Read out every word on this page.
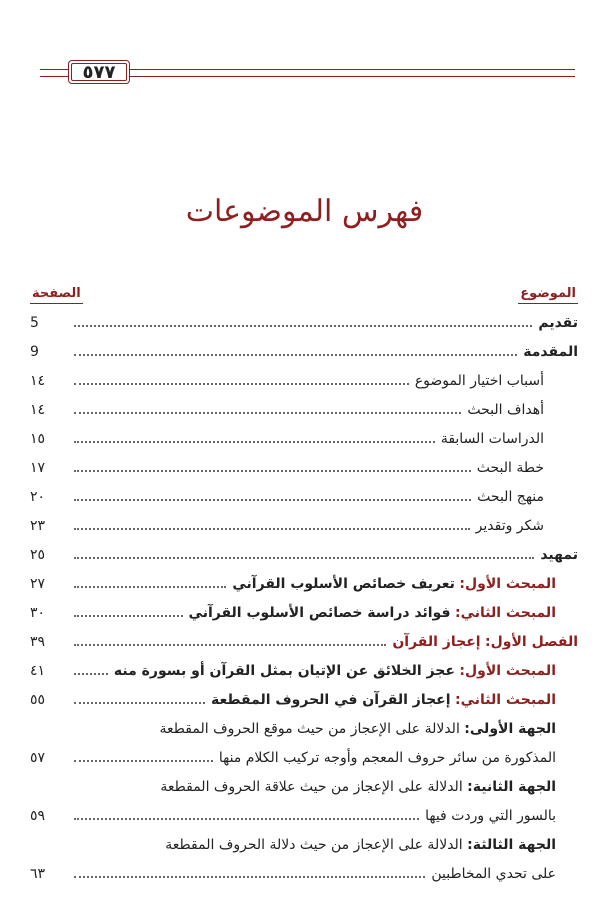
٥٧٧
فهرس الموضوعات
الموضوع
الصفحة
تقديم
5
المقدمة
9
أسباب اختيار الموضوع
١٤
أهداف البحث
١٤
الدراسات السابقة
١٥
خطة البحث
١٧
منهج البحث
٢٠
شكر وتقدير
٢٣
تمهيد
٢٥
المبحث الأول: تعريف خصائص الأسلوب القرآني
٢٧
المبحث الثاني: فوائد دراسة خصائص الأسلوب القرآني
٣٠
الفصل الأول: إعجاز القرآن
٣٩
المبحث الأول: عجز الخلائق عن الإتيان بمثل القرآن أو بسورة منه
٤١
المبحث الثاني: إعجاز القرآن في الحروف المقطعة
٥٥
الجهة الأولى: الدلالة على الإعجاز من حيث موقع الحروف المقطعة
المذكورة من سائر حروف المعجم وأوجه تركيب الكلام منها
٥٧
الجهة الثانية: الدلالة على الإعجاز من حيث علاقة الحروف المقطعة
بالسور التي وردت فيها
٥٩
الجهة الثالثة: الدلالة على الإعجاز من حيث دلالة الحروف المقطعة
على تحدي المخاطبين
٦٣
